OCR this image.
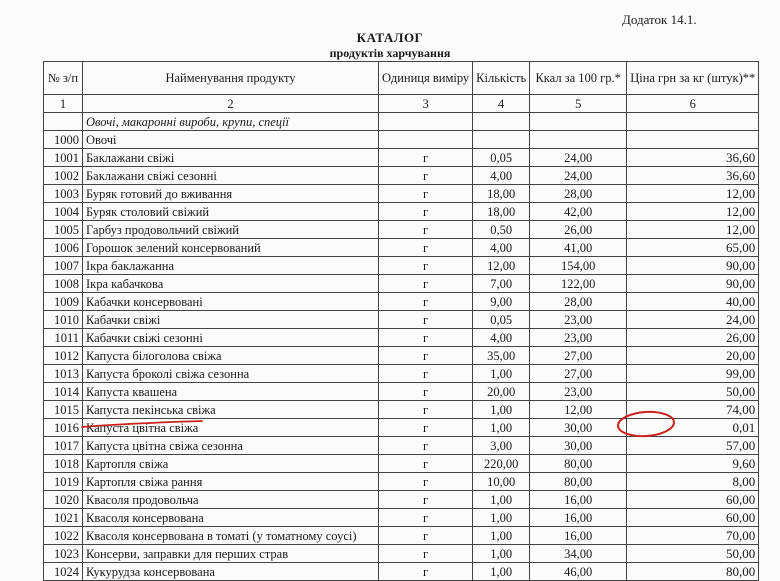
Додаток 14.1.
КАТАЛОГ
продуктів харчування
№ з/п	Найменування продукту	Одиниця виміру	Кількість	Ккал за 100 гр.*	Ціна грн за кг (штук)**
1	2	3	4	5	6
	Овочі, макаронні вироби, крупи, спеції				
1000	Овочі				
1001	Баклажани свіжі	г	0,05	24,00	36,60
1002	Баклажани свіжі сезонні	г	4,00	24,00	36,60
1003	Буряк готовий до вживання	г	18,00	28,00	12,00
1004	Буряк столовий свіжий	г	18,00	42,00	12,00
1005	Гарбуз продовольчий свіжий	г	0,50	26,00	12,00
1006	Горошок зелений консервований	г	4,00	41,00	65,00
1007	Ікра баклажанна	г	12,00	154,00	90,00
1008	Ікра кабачкова	г	7,00	122,00	90,00
1009	Кабачки консервовані	г	9,00	28,00	40,00
1010	Кабачки свіжі	г	0,05	23,00	24,00
1011	Кабачки свіжі сезонні	г	4,00	23,00	26,00
1012	Капуста білоголова свіжа	г	35,00	27,00	20,00
1013	Капуста броколі свіжа сезонна	г	1,00	27,00	99,00
1014	Капуста квашена	г	20,00	23,00	50,00
1015	Капуста пекінська свіжа	г	1,00	12,00	74,00
1016	Капуста цвітна свіжа	г	1,00	30,00	0,01
1017	Капуста цвітна свіжа сезонна	г	3,00	30,00	57,00
1018	Картопля свіжа	г	220,00	80,00	9,60
1019	Картопля свіжа рання	г	10,00	80,00	8,00
1020	Квасоля продовольча	г	1,00	16,00	60,00
1021	Квасоля консервована	г	1,00	16,00	60,00
1022	Квасоля консервована в томаті (у томатному соусі)	г	1,00	16,00	70,00
1023	Консерви, заправки для перших страв	г	1,00	34,00	50,00
1024	Кукурудза консервована	г	1,00	46,00	80,00
